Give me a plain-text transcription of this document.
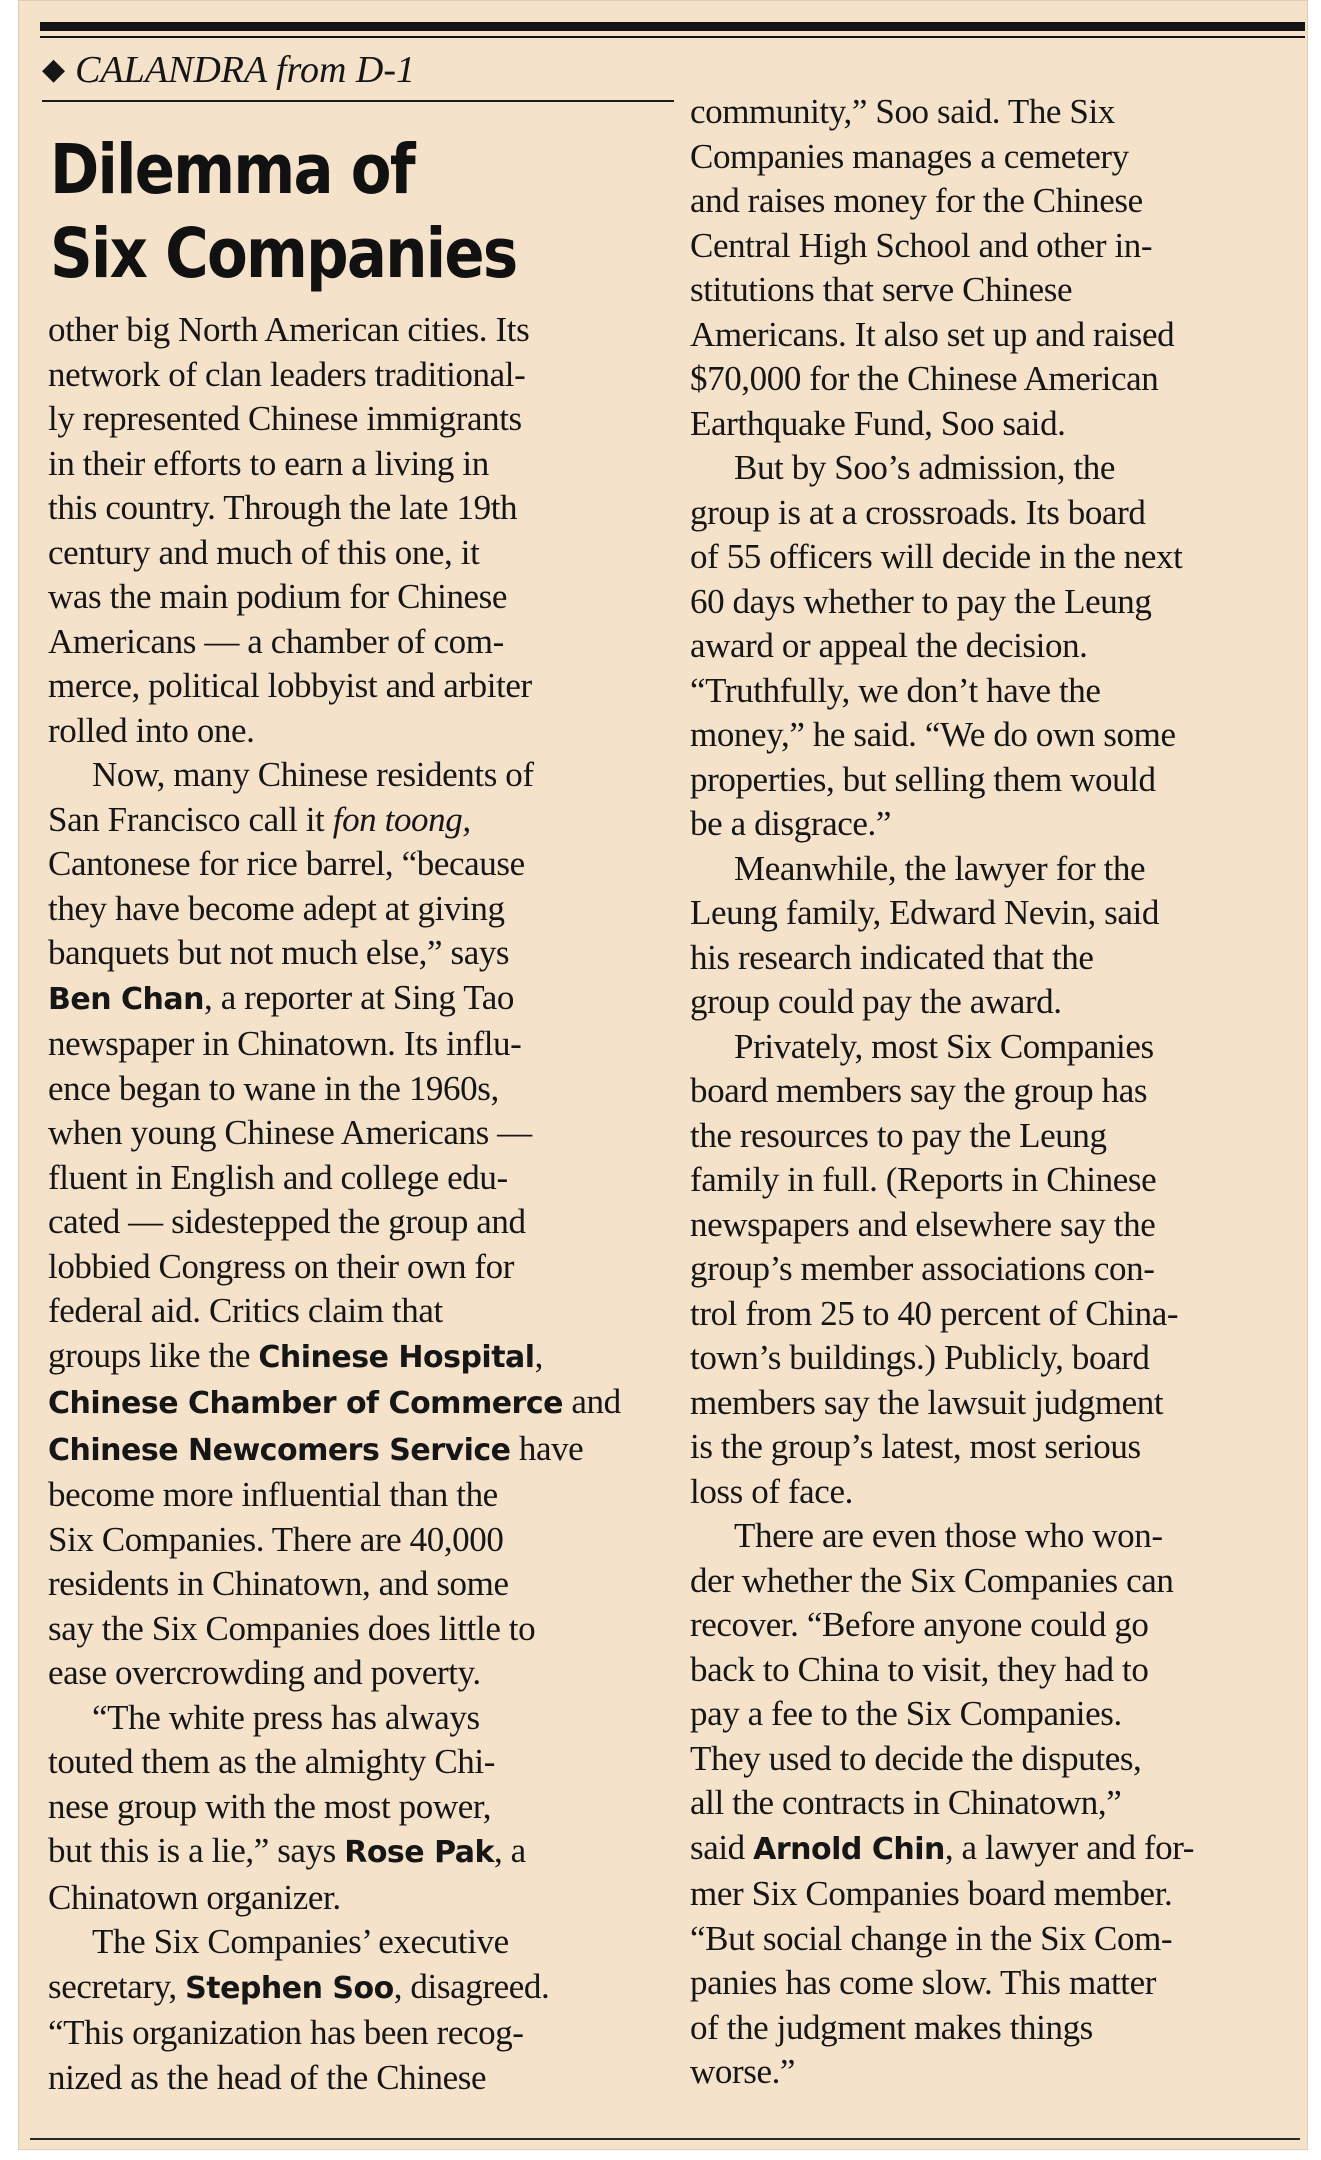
◆ CALANDRA from D-1
Dilemma of
Six Companies

other big North American cities. Its
network of clan leaders traditional-
ly represented Chinese immigrants
in their efforts to earn a living in
this country. Through the late 19th
century and much of this one, it
was the main podium for Chinese
Americans — a chamber of com-
merce, political lobbyist and arbiter
rolled into one.

Now, many Chinese residents of
San Francisco call it fon toong,
Cantonese for rice barrel, “because
they have become adept at giving
banquets but not much else,” says
Ben Chan, a reporter at Sing Tao
newspaper in Chinatown. Its influ-
ence began to wane in the 1960s,
when young Chinese Americans —
fluent in English and college edu-
cated — sidestepped the group and
lobbied Congress on their own for
federal aid. Critics claim that
groups like the Chinese Hospital,
Chinese Chamber of Commerce and
Chinese Newcomers Service have
become more influential than the
Six Companies. There are 40,000
residents in Chinatown, and some
say the Six Companies does little to
ease overcrowding and poverty.

“The white press has always
touted them as the almighty Chi-
nese group with the most power,
but this is a lie,” says Rose Pak, a
Chinatown organizer.

The Six Companies’ executive
secretary, Stephen Soo, disagreed.
“This organization has been recog-
nized as the head of the Chinese

community,” Soo said. The Six
Companies manages a cemetery
and raises money for the Chinese
Central High School and other in-
stitutions that serve Chinese
Americans. It also set up and raised
$70,000 for the Chinese American
Earthquake Fund, Soo said.

But by Soo’s admission, the
group is at a crossroads. Its board
of 55 officers will decide in the next
60 days whether to pay the Leung
award or appeal the decision.
“Truthfully, we don’t have the
money,” he said. “We do own some
properties, but selling them would
be a disgrace.”

Meanwhile, the lawyer for the
Leung family, Edward Nevin, said
his research indicated that the
group could pay the award.

Privately, most Six Companies
board members say the group has
the resources to pay the Leung
family in full. (Reports in Chinese
newspapers and elsewhere say the
group’s member associations con-
trol from 25 to 40 percent of China-
town’s buildings.) Publicly, board
members say the lawsuit judgment
is the group’s latest, most serious
loss of face.

There are even those who won-
der whether the Six Companies can
recover. “Before anyone could go
back to China to visit, they had to
pay a fee to the Six Companies.
They used to decide the disputes,
all the contracts in Chinatown,”
said Arnold Chin, a lawyer and for-
mer Six Companies board member.
“But social change in the Six Com-
panies has come slow. This matter
of the judgment makes things
worse.”
